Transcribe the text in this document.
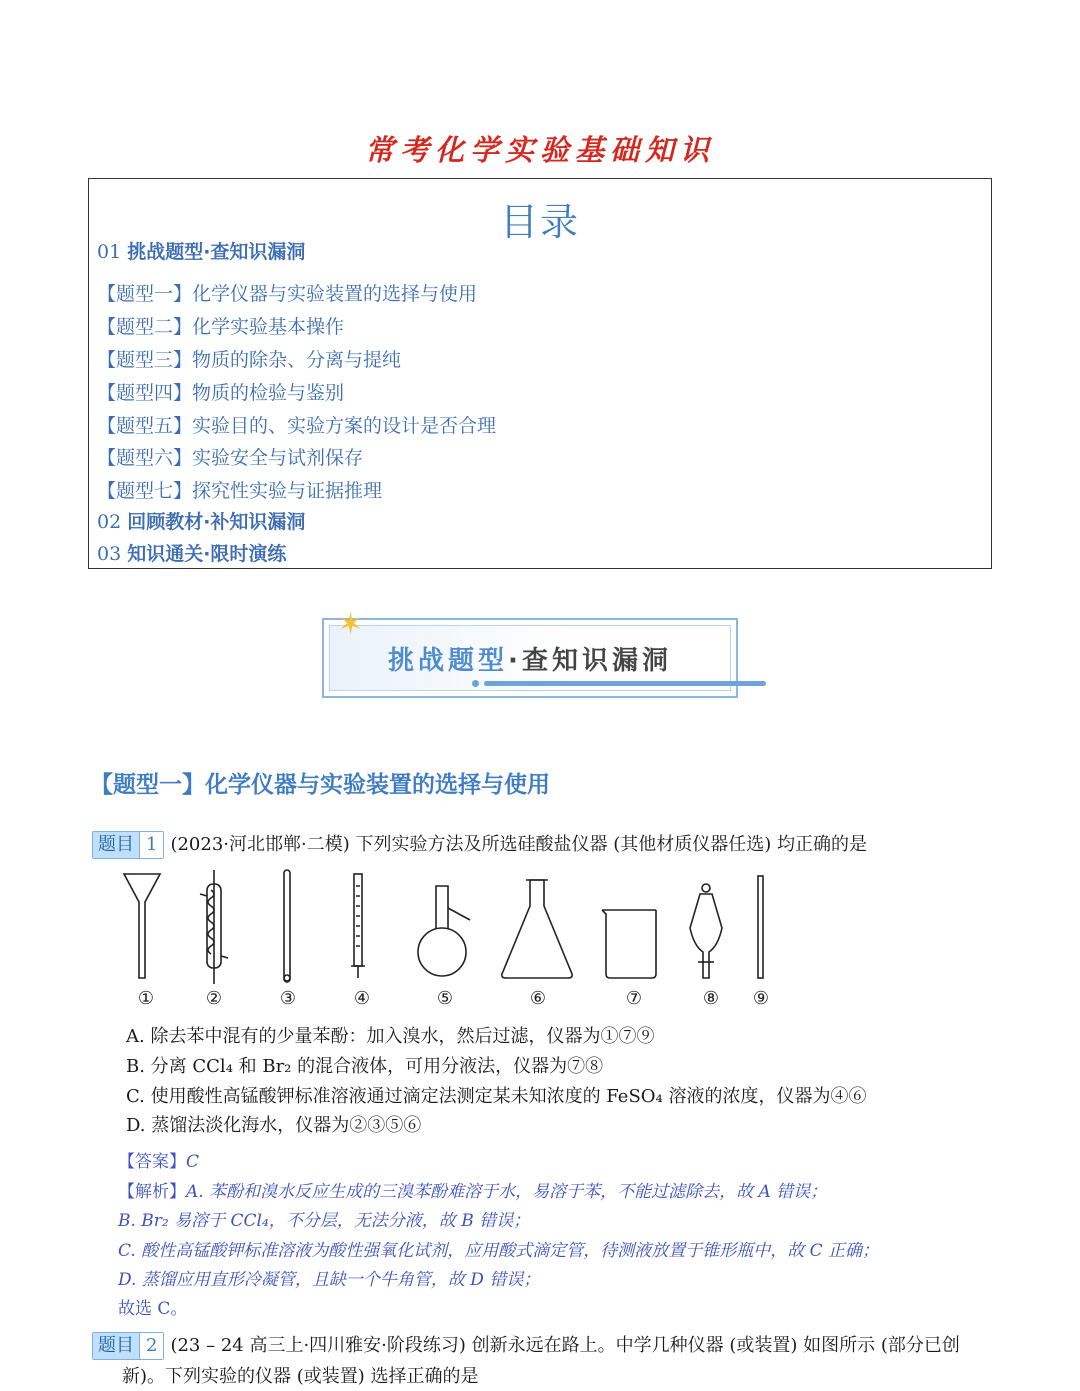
常考化学实验基础知识
目录
01 挑战题型·查知识漏洞
【题型一】化学仪器与实验装置的选择与使用
【题型二】化学实验基本操作
【题型三】物质的除杂、分离与提纯
【题型四】物质的检验与鉴别
【题型五】实验目的、实验方案的设计是否合理
【题型六】实验安全与试剂保存
【题型七】探究性实验与证据推理
02 回顾教材·补知识漏洞
03 知识通关·限时演练
✶
挑战题型·查知识漏洞
【题型一】化学仪器与实验装置的选择与使用
题目 1 (2023·河北邯郸·二模) 下列实验方法及所选硅酸盐仪器 (其他材质仪器任选) 均正确的是
①	②	③	④	⑤	⑥	⑦	⑧	⑨
A. 除去苯中混有的少量苯酚：加入溴水，然后过滤，仪器为①⑦⑨
B. 分离 CCl₄ 和 Br₂ 的混合液体，可用分液法，仪器为⑦⑧
C. 使用酸性高锰酸钾标准溶液通过滴定法测定某未知浓度的 FeSO₄ 溶液的浓度，仪器为④⑥
D. 蒸馏法淡化海水，仪器为②③⑤⑥
【答案】C
【解析】A. 苯酚和溴水反应生成的三溴苯酚难溶于水，易溶于苯，不能过滤除去，故 A 错误；
B. Br₂ 易溶于 CCl₄，不分层，无法分液，故 B 错误；
C. 酸性高锰酸钾标准溶液为酸性强氧化试剂，应用酸式滴定管，待测液放置于锥形瓶中，故 C 正确；
D. 蒸馏应用直形冷凝管，且缺一个牛角管，故 D 错误；
故选 C。
题目 2 (23 – 24 高三上·四川雅安·阶段练习) 创新永远在路上。中学几种仪器 (或装置) 如图所示 (部分已创
新)。下列实验的仪器 (或装置) 选择正确的是
